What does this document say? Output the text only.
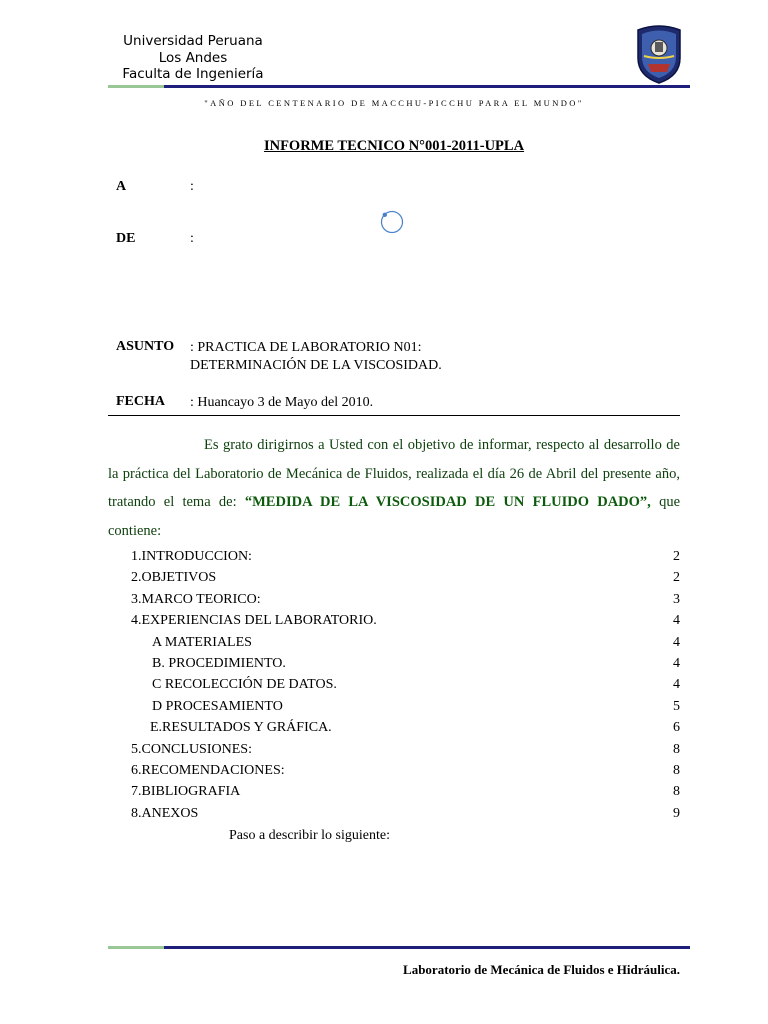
Universidad Peruana
Los Andes
Faculta de Ingeniería
"AÑO DEL CENTENARIO DE MACCHU-PICCHU PARA EL MUNDO"
INFORME TECNICO N°001-2011-UPLA
A	:
DE	:
ASUNTO : PRACTICA DE LABORATORIO N01:
DETERMINACIÓN DE LA VISCOSIDAD.
FECHA : Huancayo 3 de Mayo del 2010.
Es grato dirigirnos a Usted con el objetivo de informar, respecto al desarrollo de la práctica del Laboratorio de Mecánica de Fluidos, realizada el día 26 de Abril del presente año, tratando el tema de: “MEDIDA DE LA VISCOSIDAD DE UN FLUIDO DADO”, que contiene:
1.INTRODUCCION:	2
2.OBJETIVOS	2
3.MARCO TEORICO:	3
4.EXPERIENCIAS DEL LABORATORIO.	4
A MATERIALES	4
B. PROCEDIMIENTO.	4
C RECOLECCIÓN DE DATOS.	4
D PROCESAMIENTO	5
E.RESULTADOS Y GRÁFICA.	6
5.CONCLUSIONES:	8
6.RECOMENDACIONES:	8
7.BIBLIOGRAFIA	8
8.ANEXOS	9
Paso a describir lo siguiente:
Laboratorio de Mecánica de Fluidos e Hidráulica.
